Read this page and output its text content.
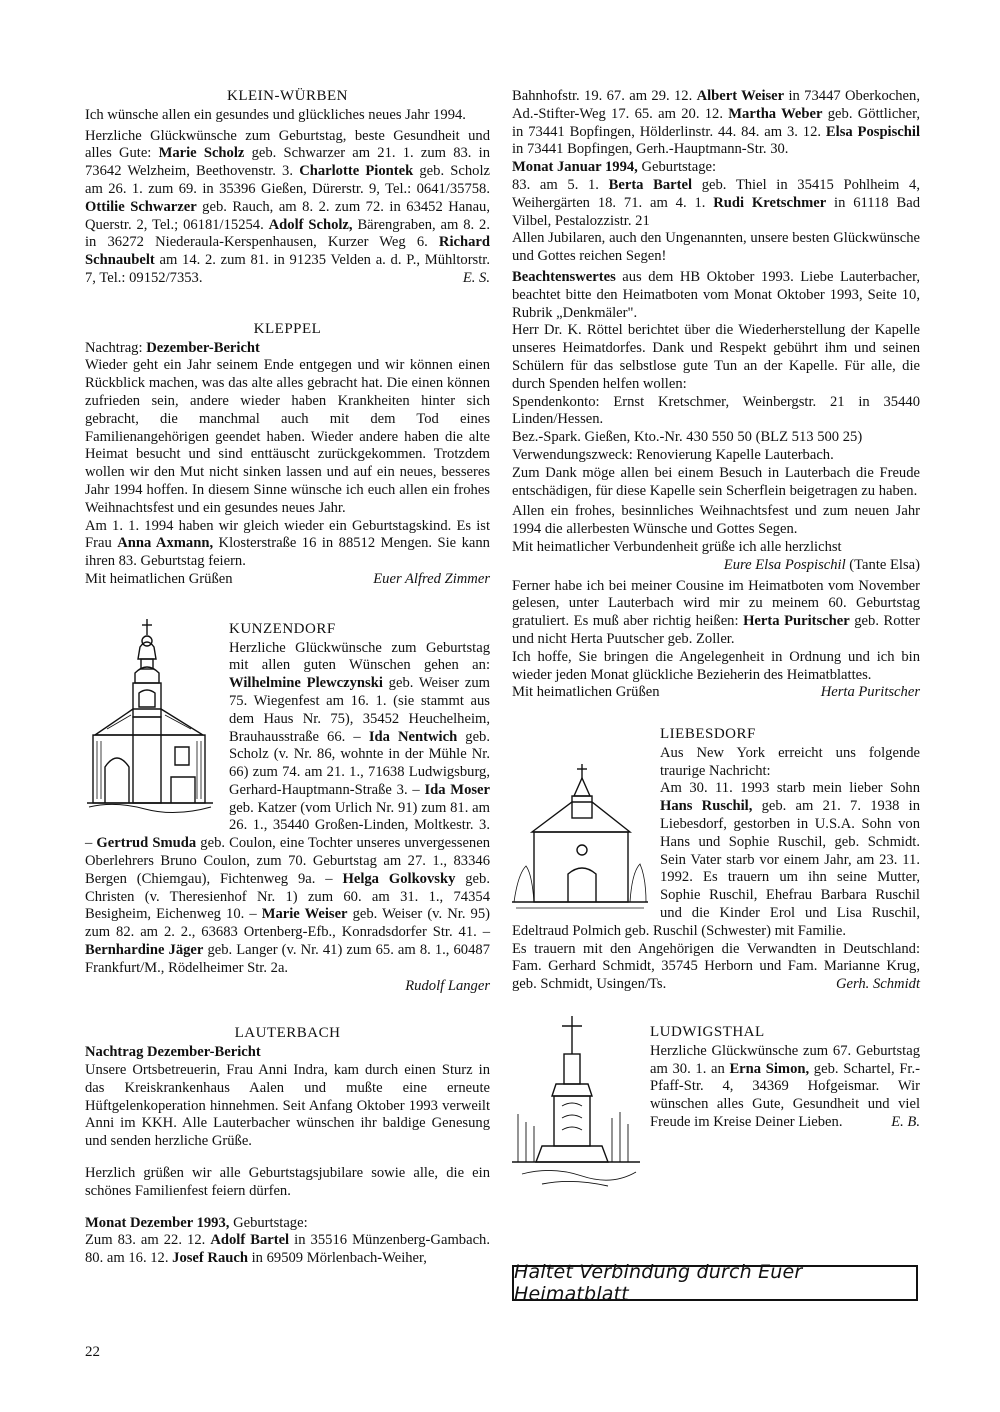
KLEIN-WÜRBEN

Ich wünsche allen ein gesundes und glückliches neues Jahr 1994.

Herzliche Glückwünsche zum Geburtstag, beste Gesundheit und alles Gute: Marie Scholz geb. Schwarzer am 21. 1. zum 83. in 73642 Welzheim, Beethovenstr. 3. Charlotte Piontek geb. Scholz am 26. 1. zum 69. in 35396 Gießen, Dürerstr. 9, Tel.: 0641/35758. Ottilie Schwarzer geb. Rauch, am 8. 2. zum 72. in 63452 Hanau, Querstr. 2, Tel.; 06181/15254. Adolf Scholz, Bärengraben, am 8. 2. in 36272 Niederaula-Kerspenhausen, Kurzer Weg 6. Richard Schnaubelt am 14. 2. zum 81. in 91235 Velden a. d. P., Mühltorstr. 7, Tel.: 09152/7353.	E. S.

KLEPPEL

Nachtrag: Dezember-Bericht

Wieder geht ein Jahr seinem Ende entgegen und wir können einen Rückblick machen, was das alte alles gebracht hat. Die einen können zufrieden sein, andere wieder haben Krankheiten hinter sich gebracht, die manchmal auch mit dem Tod eines Familienangehörigen geendet haben. Wieder andere haben die alte Heimat besucht und sind enttäuscht zurückgekommen. Trotzdem wollen wir den Mut nicht sinken lassen und auf ein neues, besseres Jahr 1994 hoffen. In diesem Sinne wünsche ich euch allen ein frohes Weihnachtsfest und ein gesundes neues Jahr.

Am 1. 1. 1994 haben wir gleich wieder ein Geburtstagskind. Es ist Frau Anna Axmann, Klosterstraße 16 in 88512 Mengen. Sie kann ihren 83. Geburtstag feiern.

Mit heimatlichen Grüßen	Euer Alfred Zimmer
KUNZENDORF

Herzliche Glückwünsche zum Geburtstag mit allen guten Wünschen gehen an: Wilhelmine Plewczynski geb. Weiser zum 75. Wiegenfest am 16. 1. (sie stammt aus dem Haus Nr. 75), 35452 Heuchelheim, Brauhausstraße 66. – Ida Nentwich geb. Scholz (v. Nr. 86, wohnte in der Mühle Nr. 66) zum 74. am 21. 1., 71638 Ludwigsburg, Gerhard-Hauptmann-Straße 3. – Ida Moser geb. Katzer (vom Urlich Nr. 91) zum 81. am 26. 1., 35440 Großen-Linden, Moltkestr. 3. – Gertrud Smuda geb. Coulon, eine Tochter unseres unvergessenen Oberlehrers Bruno Coulon, zum 70. Geburtstag am 27. 1., 83346 Bergen (Chiemgau), Fichtenweg 9a. – Helga Golkovsky geb. Christen (v. Theresienhof Nr. 1) zum 60. am 31. 1., 74354 Besigheim, Eichenweg 10. – Marie Weiser geb. Weiser (v. Nr. 95) zum 82. am 2. 2., 63683 Ortenberg-Efb., Konradsdorfer Str. 41. – Bernhardine Jäger geb. Langer (v. Nr. 41) zum 65. am 8. 1., 60487 Frankfurt/M., Rödelheimer Str. 2a.

Rudolf Langer
LAUTERBACH

Nachtrag Dezember-Bericht

Unsere Ortsbetreuerin, Frau Anni Indra, kam durch einen Sturz in das Kreiskrankenhaus Aalen und mußte eine erneute Hüftgelenkoperation hinnehmen. Seit Anfang Oktober 1993 verweilt Anni im KKH. Alle Lauterbacher wünschen ihr baldige Genesung und senden herzliche Grüße.

Herzlich grüßen wir alle Geburtstagsjubilare sowie alle, die ein schönes Familienfest feiern dürfen.

Monat Dezember 1993, Geburtstage:

Zum 83. am 22. 12. Adolf Bartel in 35516 Münzenberg-Gambach. 80. am 16. 12. Josef Rauch in 69509 Mörlenbach-Weiher,

Bahnhofstr. 19. 67. am 29. 12. Albert Weiser in 73447 Oberkochen, Ad.-Stifter-Weg 17. 65. am 20. 12. Martha Weber geb. Göttlicher, in 73441 Bopfingen, Hölderlinstr. 44. 84. am 3. 12. Elsa Pospischil in 73441 Bopfingen, Gerh.-Hauptmann-Str. 30.

Monat Januar 1994, Geburtstage:

83. am 5. 1. Berta Bartel geb. Thiel in 35415 Pohlheim 4, Weihergärten 18. 71. am 4. 1. Rudi Kretschmer in 61118 Bad Vilbel, Pestalozzistr. 21

Allen Jubilaren, auch den Ungenannten, unsere besten Glückwünsche und Gottes reichen Segen!

Beachtenswertes aus dem HB Oktober 1993. Liebe Lauterbacher, beachtet bitte den Heimatboten vom Monat Oktober 1993, Seite 10, Rubrik „Denkmäler".

Herr Dr. K. Röttel berichtet über die Wiederherstellung der Kapelle unseres Heimatdorfes. Dank und Respekt gebührt ihm und seinen Schülern für das selbstlose gute Tun an der Kapelle. Für alle, die durch Spenden helfen wollen:

Spendenkonto: Ernst Kretschmer, Weinbergstr. 21 in 35440 Linden/Hessen.

Bez.-Spark. Gießen, Kto.-Nr. 430 550 50 (BLZ 513 500 25)

Verwendungszweck: Renovierung Kapelle Lauterbach.

Zum Dank möge allen bei einem Besuch in Lauterbach die Freude entschädigen, für diese Kapelle sein Scherflein beigetragen zu haben.

Allen ein frohes, besinnliches Weihnachtsfest und zum neuen Jahr 1994 die allerbesten Wünsche und Gottes Segen.

Mit heimatlicher Verbundenheit grüße ich alle herzlichst

Eure Elsa Pospischil (Tante Elsa)

Ferner habe ich bei meiner Cousine im Heimatboten vom November gelesen, unter Lauterbach wird mir zu meinem 60. Geburtstag gratuliert. Es muß aber richtig heißen: Herta Puritscher geb. Rotter und nicht Herta Puutscher geb. Zoller.

Ich hoffe, Sie bringen die Angelegenheit in Ordnung und ich bin wieder jeden Monat glückliche Bezieherin des Heimatblattes.

Mit heimatlichen Grüßen	Herta Puritscher
LIEBESDORF

Aus New York erreicht uns folgende traurige Nachricht:

Am 30. 11. 1993 starb mein lieber Sohn Hans Ruschil, geb. am 21. 7. 1938 in Liebesdorf, gestorben in U.S.A. Sohn von Hans und Sophie Ruschil, geb. Schmidt. Sein Vater starb vor einem Jahr, am 23. 11. 1992. Es trauern um ihn seine Mutter, Sophie Ruschil, Ehefrau Barbara Ruschil und die Kinder Erol und Lisa Ruschil, Edeltraud Polmich geb. Ruschil (Schwester) mit Familie.

Es trauern mit den Angehörigen die Verwandten in Deutschland: Fam. Gerhard Schmidt, 35745 Herborn und Fam. Marianne Krug, geb. Schmidt, Usingen/Ts.	Gerh. Schmidt

LUDWIGSTHAL

Herzliche Glückwünsche zum 67. Geburtstag am 30. 1. an Erna Simon, geb. Schartel, Fr.-Pfaff-Str. 4, 34369 Hofgeismar. Wir wünschen alles Gute, Gesundheit und viel Freude im Kreise Deiner Lieben.	E. B.

Haltet Verbindung durch Euer Heimatblatt
22
